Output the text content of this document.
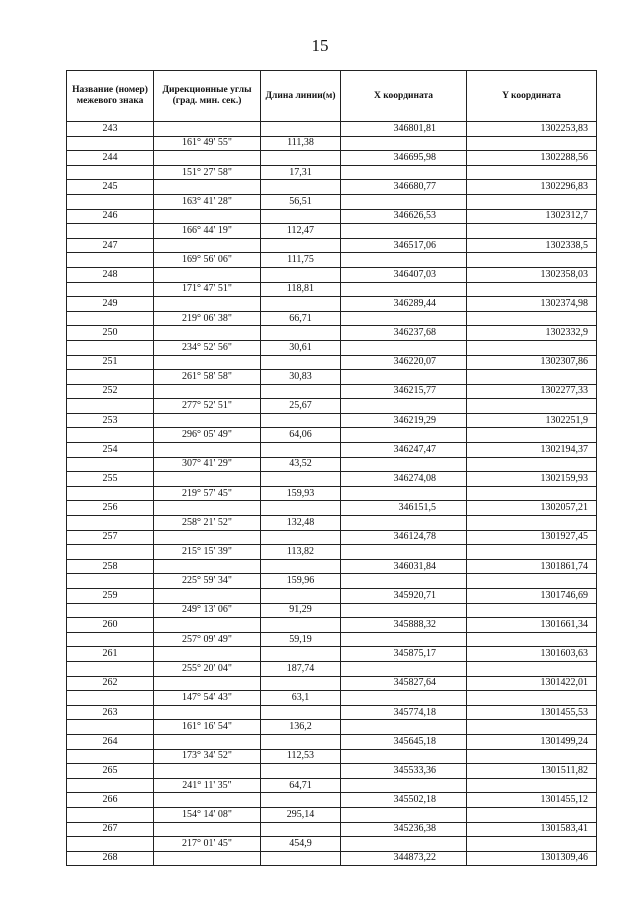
15
Название (номер) межевого знака	Дирекционные углы (град. мин. сек.)	Длина линии(м)	X координата	Y координата
243			346801,81	1302253,83
	161° 49' 55"	111,38		
244			346695,98	1302288,56
	151° 27' 58"	17,31		
245			346680,77	1302296,83
	163° 41' 28"	56,51		
246			346626,53	1302312,7
	166° 44' 19"	112,47		
247			346517,06	1302338,5
	169° 56' 06"	111,75		
248			346407,03	1302358,03
	171° 47' 51"	118,81		
249			346289,44	1302374,98
	219° 06' 38"	66,71		
250			346237,68	1302332,9
	234° 52' 56"	30,61		
251			346220,07	1302307,86
	261° 58' 58"	30,83		
252			346215,77	1302277,33
	277° 52' 51"	25,67		
253			346219,29	1302251,9
	296° 05' 49"	64,06		
254			346247,47	1302194,37
	307° 41' 29"	43,52		
255			346274,08	1302159,93
	219° 57' 45"	159,93		
256			346151,5	1302057,21
	258° 21' 52"	132,48		
257			346124,78	1301927,45
	215° 15' 39"	113,82		
258			346031,84	1301861,74
	225° 59' 34"	159,96		
259			345920,71	1301746,69
	249° 13' 06"	91,29		
260			345888,32	1301661,34
	257° 09' 49"	59,19		
261			345875,17	1301603,63
	255° 20' 04"	187,74		
262			345827,64	1301422,01
	147° 54' 43"	63,1		
263			345774,18	1301455,53
	161° 16' 54"	136,2		
264			345645,18	1301499,24
	173° 34' 52"	112,53		
265			345533,36	1301511,82
	241° 11' 35"	64,71		
266			345502,18	1301455,12
	154° 14' 08"	295,14		
267			345236,38	1301583,41
	217° 01' 45"	454,9		
268			344873,22	1301309,46
